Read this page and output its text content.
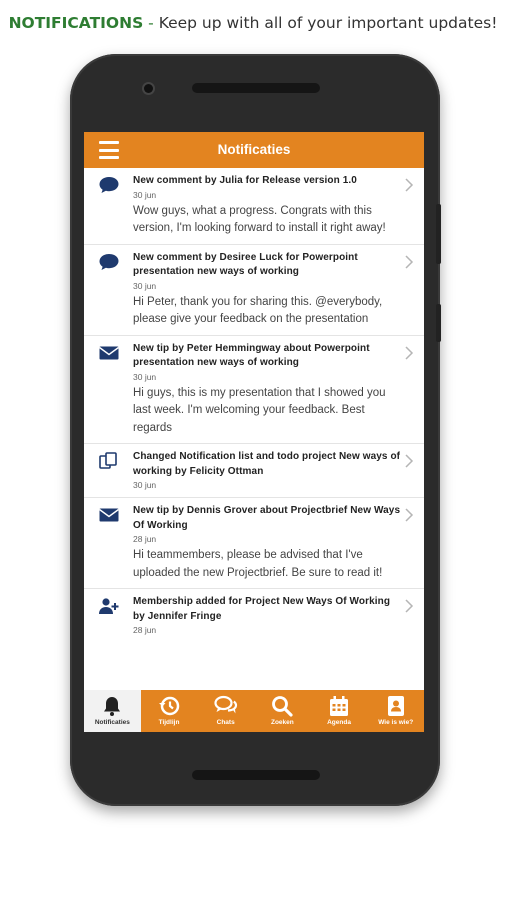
NOTIFICATIONS - Keep up with all of your important updates!
Notificaties
New comment by Julia for Release version 1.0
30 jun
Wow guys, what a progress. Congrats with this version, I'm looking forward to install it right away!
New comment by Desiree Luck for Powerpoint presentation new ways of working
30 jun
Hi Peter, thank you for sharing this. @everybody, please give your feedback on the presentation
New tip by Peter Hemmingway about Powerpoint presentation new ways of working
30 jun
Hi guys, this is my presentation that I showed you last week. I'm welcoming your feedback. Best regards
Changed Notification list and todo project New ways of working by Felicity Ottman
30 jun
New tip by Dennis Grover about Projectbrief New Ways Of Working
28 jun
Hi teammembers, please be advised that I've uploaded the new Projectbrief. Be sure to read it!
Membership added for Project New Ways Of Working by Jennifer Fringe
28 jun
Notificaties	Tijdlijn	Chats	Zoeken	Agenda	Wie is wie?
